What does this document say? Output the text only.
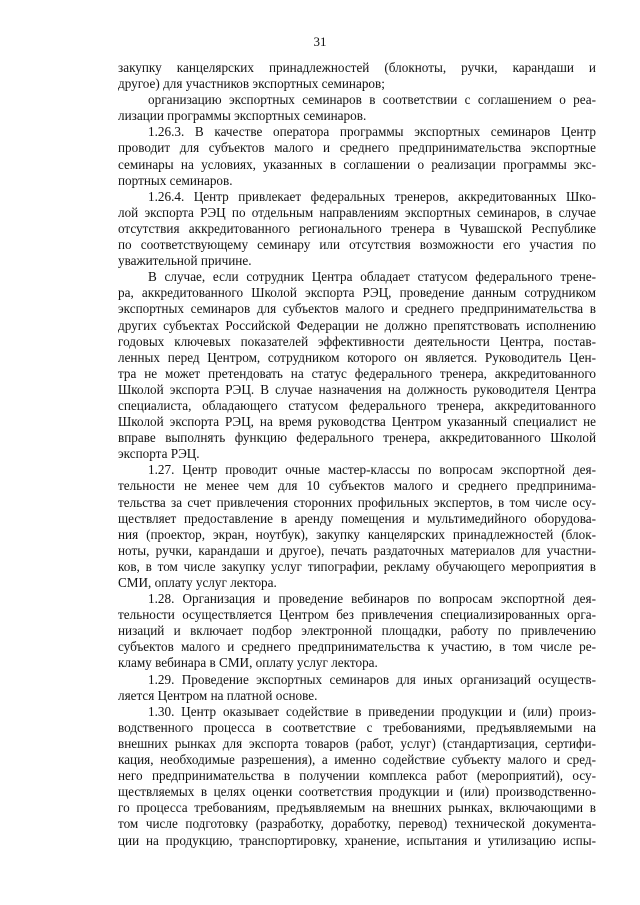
31
закупку канцелярских принадлежностей (блокноты, ручки, карандаши и
другое) для участников экспортных семинаров;
организацию экспортных семинаров в соответствии с соглашением о реа-
лизации программы экспортных семинаров.
1.26.3. В качестве оператора программы экспортных семинаров Центр
проводит для субъектов малого и среднего предпринимательства экспортные
семинары на условиях, указанных в соглашении о реализации программы экс-
портных семинаров.
1.26.4. Центр привлекает федеральных тренеров, аккредитованных Шко-
лой экспорта РЭЦ по отдельным направлениям экспортных семинаров, в случае
отсутствия аккредитованного регионального тренера в Чувашской Республике
по соответствующему семинару или отсутствия возможности его участия по
уважительной причине.
В случае, если сотрудник Центра обладает статусом федерального трене-
ра, аккредитованного Школой экспорта РЭЦ, проведение данным сотрудником
экспортных семинаров для субъектов малого и среднего предпринимательства в
других субъектах Российской Федерации не должно препятствовать исполнению
годовых ключевых показателей эффективности деятельности Центра, постав-
ленных перед Центром, сотрудником которого он является. Руководитель Цен-
тра не может претендовать на статус федерального тренера, аккредитованного
Школой экспорта РЭЦ. В случае назначения на должность руководителя Центра
специалиста, обладающего статусом федерального тренера, аккредитованного
Школой экспорта РЭЦ, на время руководства Центром указанный специалист не
вправе выполнять функцию федерального тренера, аккредитованного Школой
экспорта РЭЦ.
1.27. Центр проводит очные мастер-классы по вопросам экспортной дея-
тельности не менее чем для 10 субъектов малого и среднего предпринима-
тельства за счет привлечения сторонних профильных экспертов, в том числе осу-
ществляет предоставление в аренду помещения и мультимедийного оборудова-
ния (проектор, экран, ноутбук), закупку канцелярских принадлежностей (блок-
ноты, ручки, карандаши и другое), печать раздаточных материалов для участни-
ков, в том числе закупку услуг типографии, рекламу обучающего мероприятия в
СМИ, оплату услуг лектора.
1.28. Организация и проведение вебинаров по вопросам экспортной дея-
тельности осуществляется Центром без привлечения специализированных орга-
низаций и включает подбор электронной площадки, работу по привлечению
субъектов малого и среднего предпринимательства к участию, в том числе ре-
кламу вебинара в СМИ, оплату услуг лектора.
1.29. Проведение экспортных семинаров для иных организаций осуществ-
ляется Центром на платной основе.
1.30. Центр оказывает содействие в приведении продукции и (или) произ-
водственного процесса в соответствие с требованиями, предъявляемыми на
внешних рынках для экспорта товаров (работ, услуг) (стандартизация, сертифи-
кация, необходимые разрешения), а именно содействие субъекту малого и сред-
него предпринимательства в получении комплекса работ (мероприятий), осу-
ществляемых в целях оценки соответствия продукции и (или) производственно-
го процесса требованиям, предъявляемым на внешних рынках, включающими в
том числе подготовку (разработку, доработку, перевод) технической документа-
ции на продукцию, транспортировку, хранение, испытания и утилизацию испы-
